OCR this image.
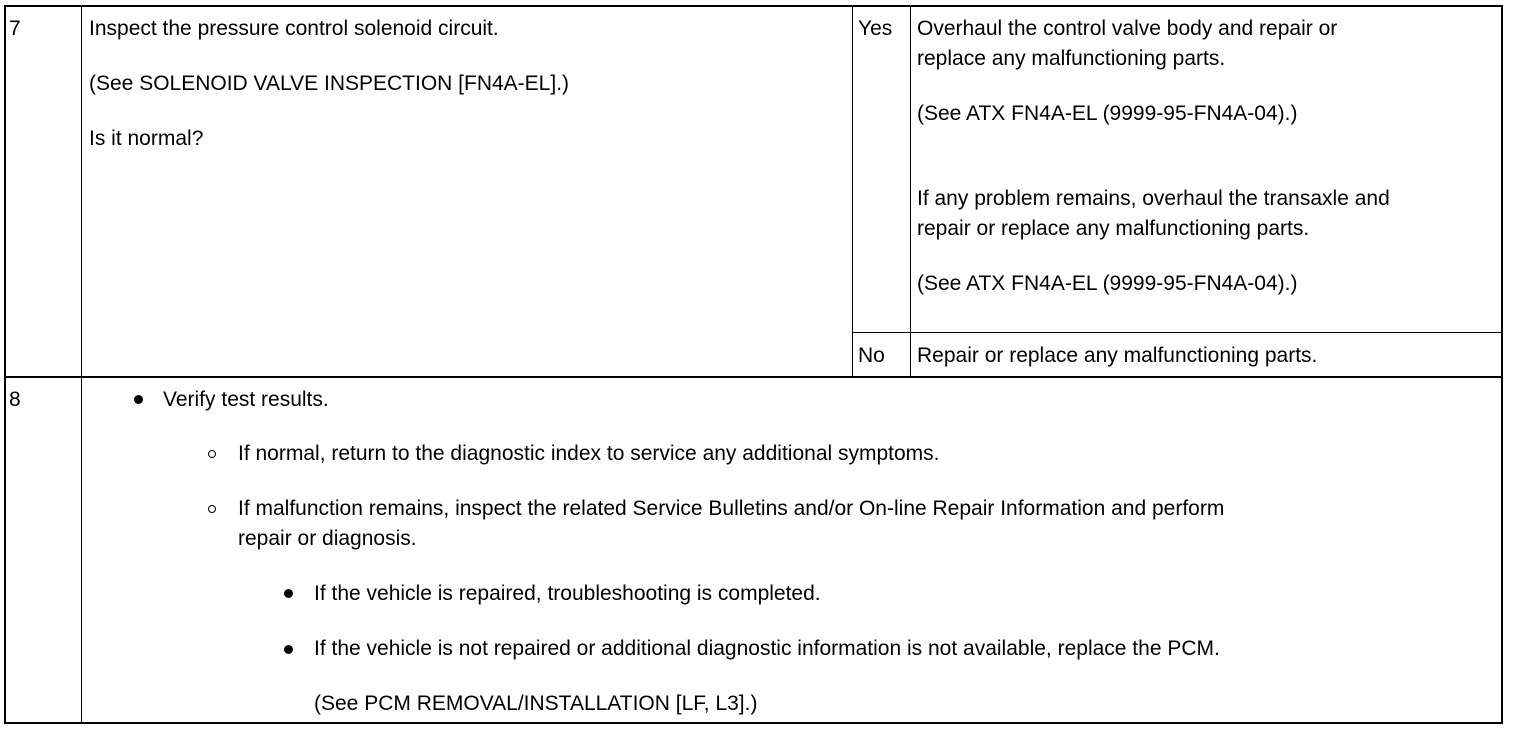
7	Inspect the pressure control solenoid circuit.
(See SOLENOID VALVE INSPECTION [FN4A-EL].)
Is it normal?
Yes Overhaul the control valve body and repair or
replace any malfunctioning parts.
(See ATX FN4A-EL (9999-95-FN4A-04).)
If any problem remains, overhaul the transaxle and
repair or replace any malfunctioning parts.
(See ATX FN4A-EL (9999-95-FN4A-04).)
No Repair or replace any malfunctioning parts.
8	Verify test results.
If normal, return to the diagnostic index to service any additional symptoms.
If malfunction remains, inspect the related Service Bulletins and/or On-line Repair Information and perform
repair or diagnosis.
If the vehicle is repaired, troubleshooting is completed.
If the vehicle is not repaired or additional diagnostic information is not available, replace the PCM.
(See PCM REMOVAL/INSTALLATION [LF, L3].)
